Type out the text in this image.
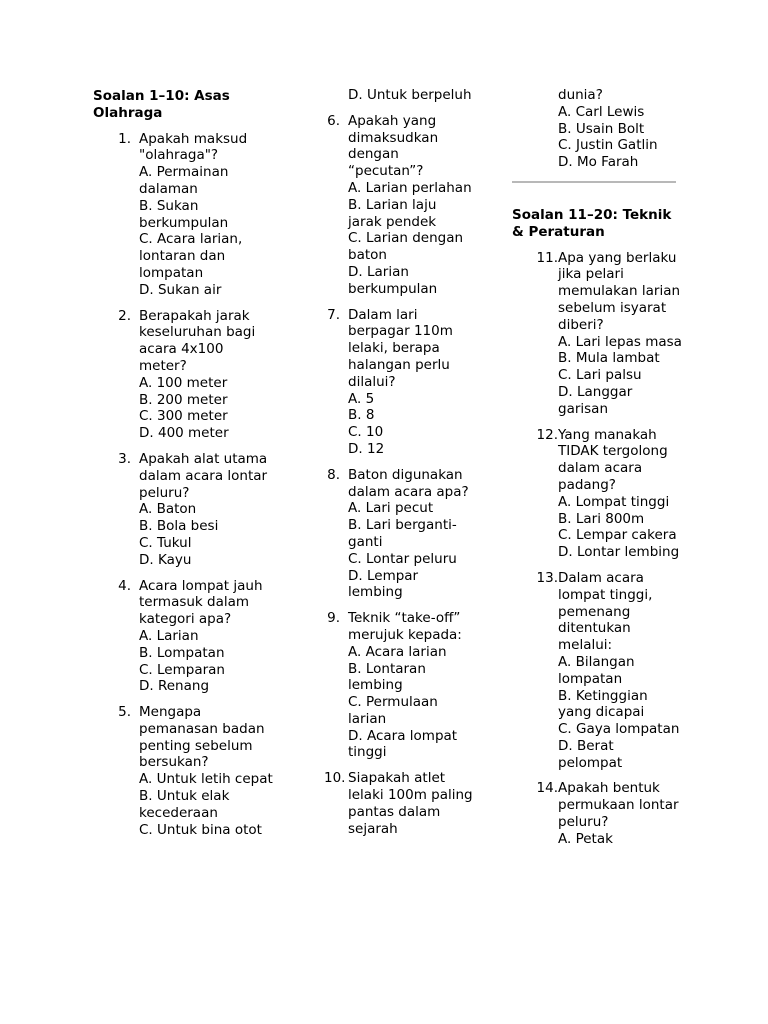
Soalan 1–10: Asas Olahraga
1. Apakah maksud "olahraga"?
A. Permainan dalaman
B. Sukan berkumpulan
C. Acara larian, lontaran dan lompatan
D. Sukan air
2. Berapakah jarak keseluruhan bagi acara 4x100 meter?
A. 100 meter
B. 200 meter
C. 300 meter
D. 400 meter
3. Apakah alat utama dalam acara lontar peluru?
A. Baton
B. Bola besi
C. Tukul
D. Kayu
4. Acara lompat jauh termasuk dalam kategori apa?
A. Larian
B. Lompatan
C. Lemparan
D. Renang
5. Mengapa pemanasan badan penting sebelum bersukan?
A. Untuk letih cepat
B. Untuk elak kecederaan
C. Untuk bina otot
D. Untuk berpeluh
6. Apakah yang dimaksudkan dengan “pecutan”?
A. Larian perlahan
B. Larian laju jarak pendek
C. Larian dengan baton
D. Larian berkumpulan
7. Dalam lari berpagar 110m lelaki, berapa halangan perlu dilalui?
A. 5
B. 8
C. 10
D. 12
8. Baton digunakan dalam acara apa?
A. Lari pecut
B. Lari berganti-ganti
C. Lontar peluru
D. Lempar lembing
9. Teknik “take-off” merujuk kepada:
A. Acara larian
B. Lontaran lembing
C. Permulaan larian
D. Acara lompat tinggi
10. Siapakah atlet lelaki 100m paling pantas dalam sejarah
dunia?
A. Carl Lewis
B. Usain Bolt
C. Justin Gatlin
D. Mo Farah
Soalan 11–20: Teknik & Peraturan
11. Apa yang berlaku jika pelari memulakan larian sebelum isyarat diberi?
A. Lari lepas masa
B. Mula lambat
C. Lari palsu
D. Langgar garisan
12. Yang manakah TIDAK tergolong dalam acara padang?
A. Lompat tinggi
B. Lari 800m
C. Lempar cakera
D. Lontar lembing
13. Dalam acara lompat tinggi, pemenang ditentukan melalui:
A. Bilangan lompatan
B. Ketinggian yang dicapai
C. Gaya lompatan
D. Berat pelompat
14. Apakah bentuk permukaan lontar peluru?
A. Petak
